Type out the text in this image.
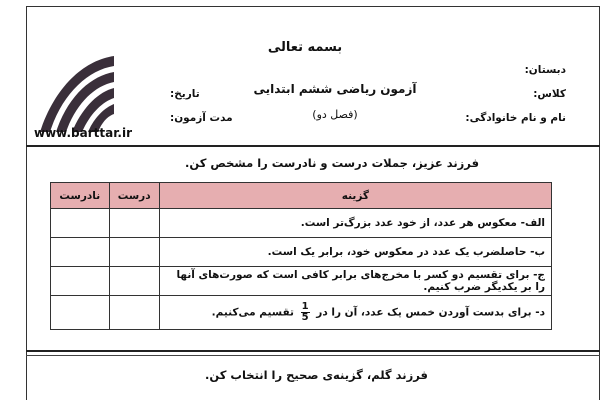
بسمه تعالی
آزمون ریاضی ششم ابتدایی
(فصل دو)
دبستان:
کلاس:
نام و نام خانوادگی:
تاریخ:
مدت آزمون:
www.barttar.ir
فرزند عزیز، جملات درست و نادرست را مشخص کن.
گزینه	درست	نادرست
الف- معکوس هر عدد، از خود عدد بزرگ‌تر است.		
ب- حاصلضرب یک عدد در معکوس خود، برابر یک است.		
ج- برای تقسیم دو کسر با مخرج‌های برابر کافی است که صورت‌های آنها را بر یکدیگر ضرب کنیم.		
د- برای بدست آوردن خمس یک عدد، آن را در
$\frac{1}{5}$
تقسیم می‌کنیم.		
فرزند گلم، گزینه‌ی صحیح را انتخاب کن.
